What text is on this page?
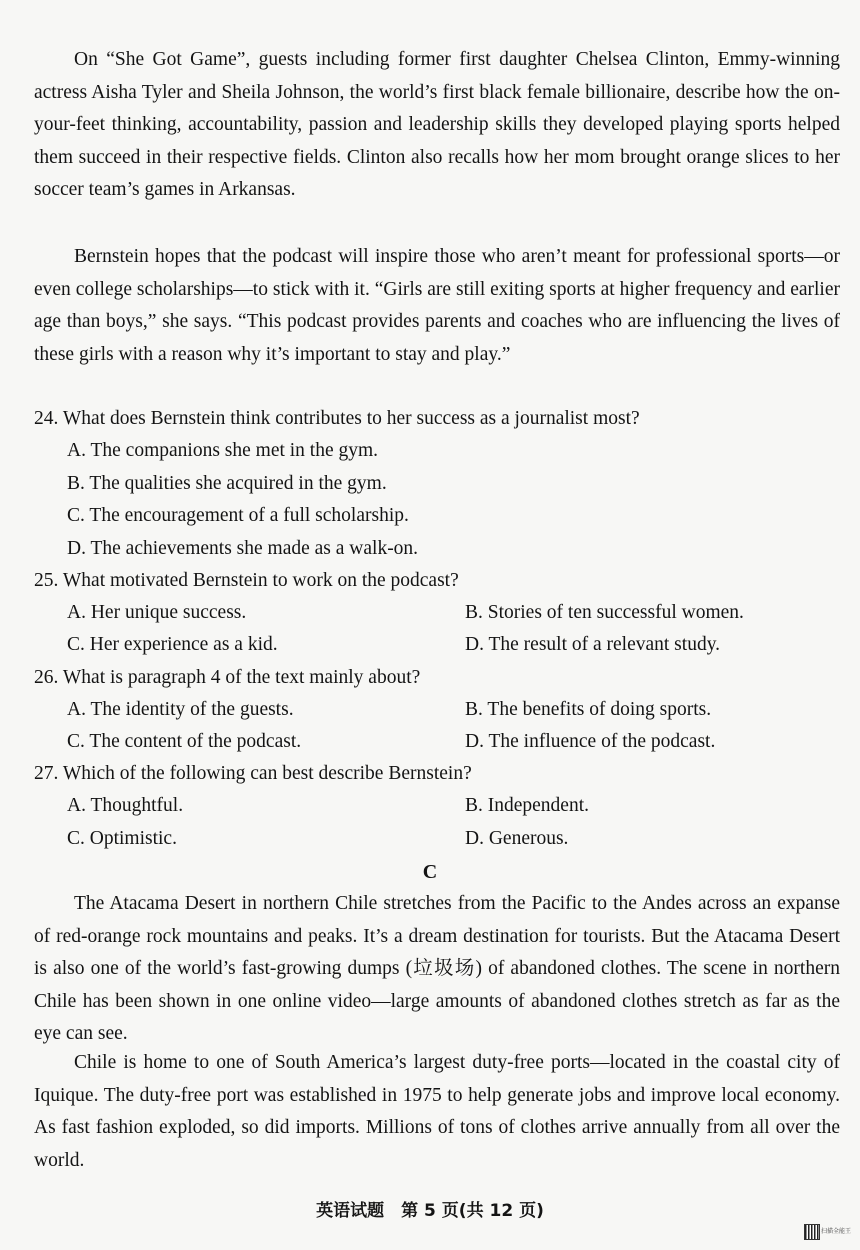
On “She Got Game”, guests including former first daughter Chelsea Clinton, Emmy-winning actress Aisha Tyler and Sheila Johnson, the world’s first black female billionaire, describe how the on-your-feet thinking, accountability, passion and leadership skills they developed playing sports helped them succeed in their respective fields. Clinton also recalls how her mom brought orange slices to her soccer team’s games in Arkansas.

Bernstein hopes that the podcast will inspire those who aren’t meant for professional sports—or even college scholarships—to stick with it. “Girls are still exiting sports at higher frequency and earlier age than boys,” she says. “This podcast provides parents and coaches who are influencing the lives of these girls with a reason why it’s important to stay and play.”

24. What does Bernstein think contributes to her success as a journalist most?

A. The companions she met in the gym.

B. The qualities she acquired in the gym.

C. The encouragement of a full scholarship.

D. The achievements she made as a walk-on.

25. What motivated Bernstein to work on the podcast?

A. Her unique success.	B. Stories of ten successful women.

C. Her experience as a kid.	D. The result of a relevant study.

26. What is paragraph 4 of the text mainly about?

A. The identity of the guests.	B. The benefits of doing sports.

C. The content of the podcast.	D. The influence of the podcast.

27. Which of the following can best describe Bernstein?

A. Thoughtful.	B. Independent.

C. Optimistic.	D. Generous.

C

The Atacama Desert in northern Chile stretches from the Pacific to the Andes across an expanse of red-orange rock mountains and peaks. It’s a dream destination for tourists. But the Atacama Desert is also one of the world’s fast-growing dumps (垃圾场) of abandoned clothes. The scene in northern Chile has been shown in one online video—large amounts of abandoned clothes stretch as far as the eye can see.

Chile is home to one of South America’s largest duty-free ports—located in the coastal city of Iquique. The duty-free port was established in 1975 to help generate jobs and improve local economy. As fast fashion exploded, so did imports. Millions of tons of clothes arrive annually from all over the world.

英语试题　第 5 页(共 12 页)
扫描全能王
